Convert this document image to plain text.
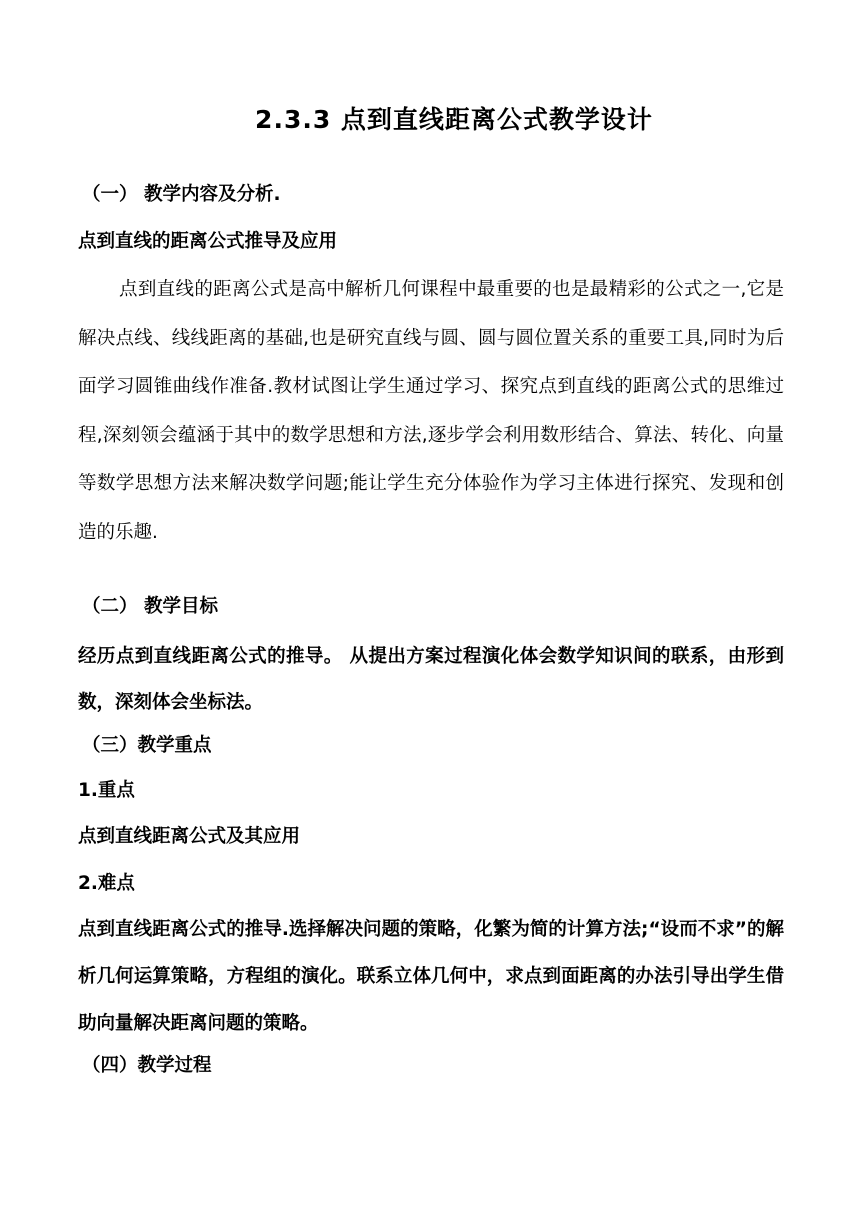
2.3.3 点到直线距离公式教学设计
（一） 教学内容及分析.
点到直线的距离公式推导及应用

点到直线的距离公式是高中解析几何课程中最重要的也是最精彩的公式之一,它是解决点线、线线距离的基础,也是研究直线与圆、圆与圆位置关系的重要工具,同时为后面学习圆锥曲线作准备.教材试图让学生通过学习、探究点到直线的距离公式的思维过程,深刻领会蕴涵于其中的数学思想和方法,逐步学会利用数形结合、算法、转化、向量等数学思想方法来解决数学问题;能让学生充分体验作为学习主体进行探究、发现和创造的乐趣.

（二） 教学目标

经历点到直线距离公式的推导。 从提出方案过程演化体会数学知识间的联系，由形到数，深刻体会坐标法。

（三）教学重点
1.重点
点到直线距离公式及其应用
2.难点

点到直线距离公式的推导.选择解决问题的策略，化繁为简的计算方法;“设而不求”的解析几何运算策略，方程组的演化。联系立体几何中，求点到面距离的办法引导出学生借助向量解决距离问题的策略。

（四）教学过程
